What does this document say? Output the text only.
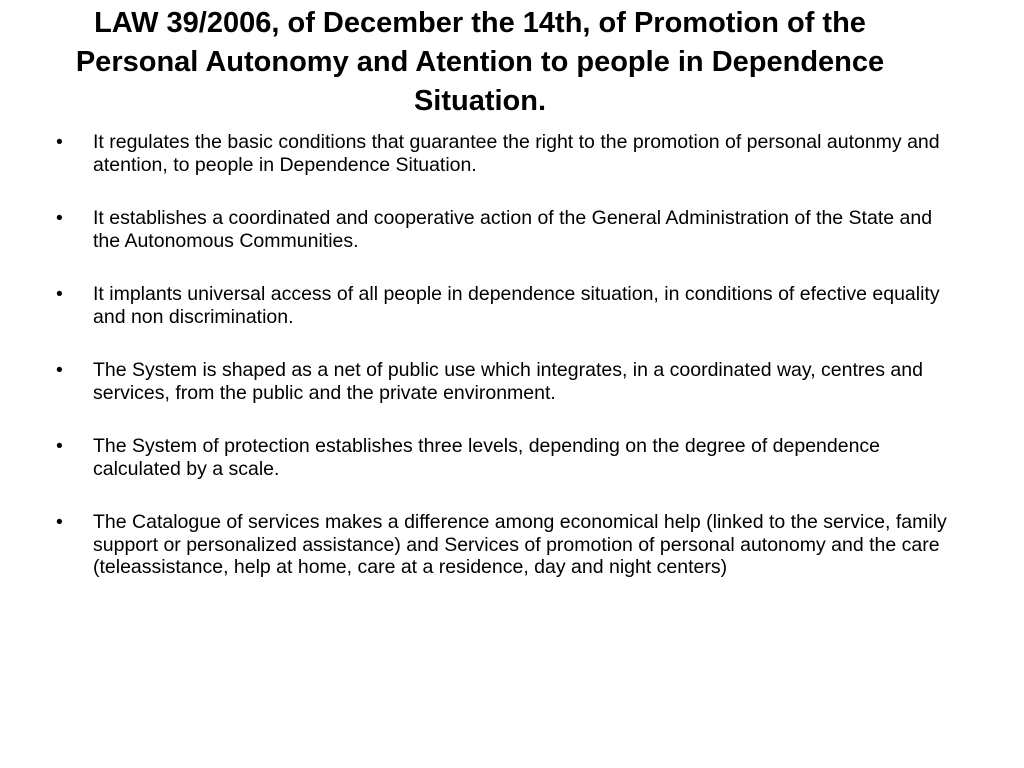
LAW 39/2006, of December the 14th, of Promotion of the Personal Autonomy and Atention to people in Dependence Situation.
•	It regulates the basic conditions that guarantee the right to the promotion of personal autonmy and atention, to people in Dependence Situation.
•	It establishes a coordinated and cooperative action of the General Administration of the State and the Autonomous Communities.
•	It implants universal access of all people in dependence situation, in conditions of efective equality and non discrimination.
•	The System is shaped as a net of public use which integrates, in a coordinated way, centres and services, from the public and the private environment.
•	The System of protection establishes three levels, depending on the degree of dependence calculated by a scale.
•	The Catalogue of services makes a difference among economical help (linked to the service, family support or personalized assistance) and Services of promotion of personal autonomy and the care (teleassistance, help at home, care at a residence, day and night centers)
